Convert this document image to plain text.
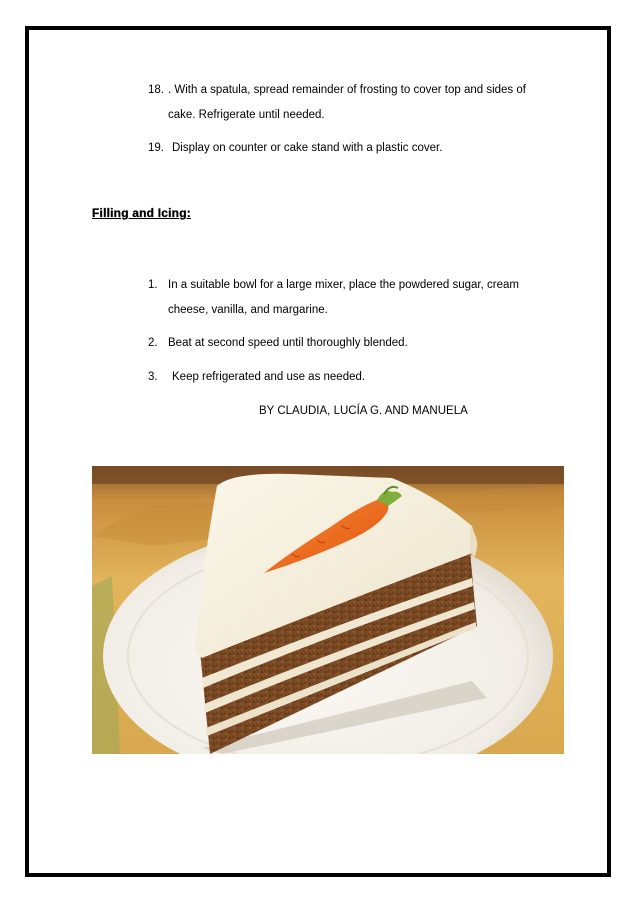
18. . With a spatula, spread remainder of frosting to cover top and sides of
cake. Refrigerate until needed.
19. Display on counter or cake stand with a plastic cover.
Filling and Icing:
1. In a suitable bowl for a large mixer, place the powdered sugar, cream
cheese, vanilla, and margarine.
2. Beat at second speed until thoroughly blended.
3. Keep refrigerated and use as needed.
BY CLAUDIA, LUCÍA G. AND MANUELA
